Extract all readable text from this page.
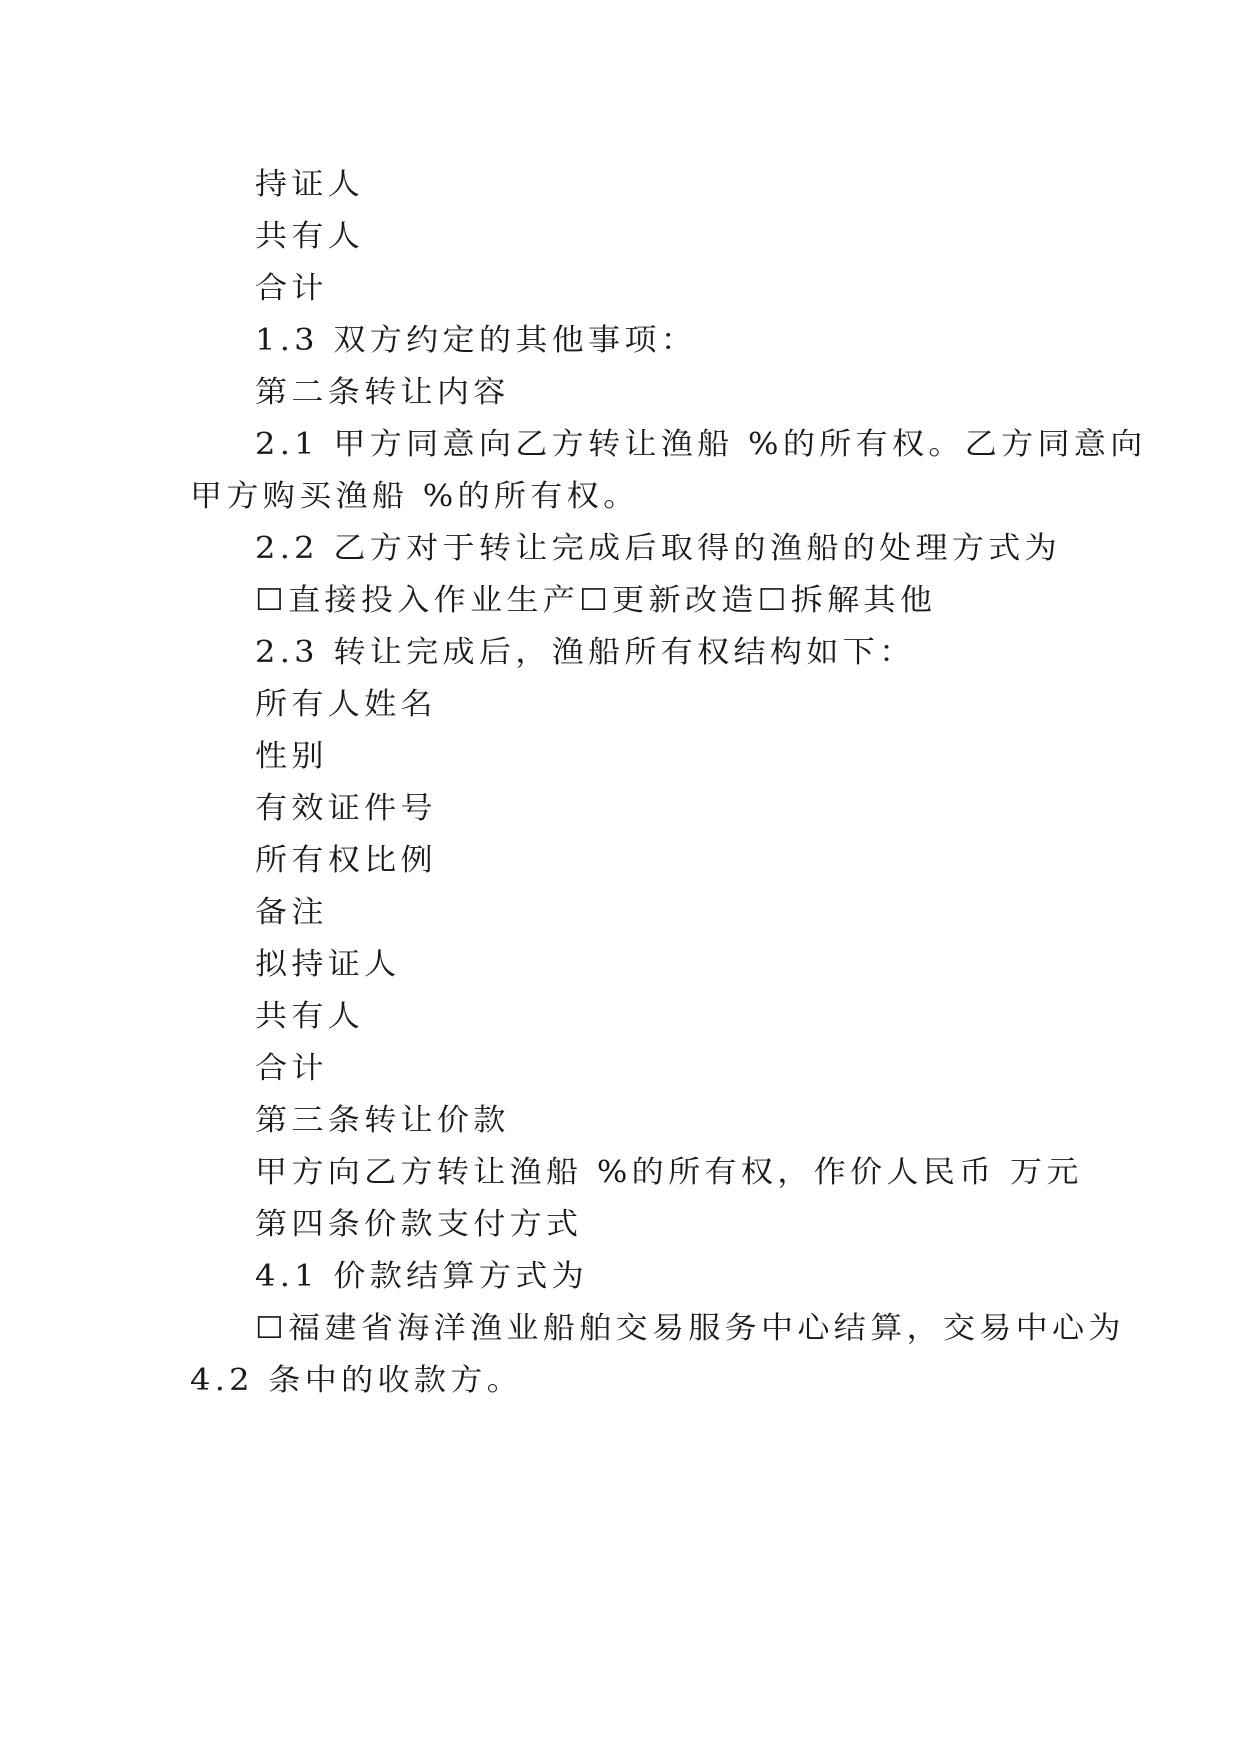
持证人
共有人
合计
1.3 双方约定的其他事项：
第二条转让内容
2.1 甲方同意向乙方转让渔船 %的所有权。乙方同意向
甲方购买渔船 %的所有权。
2.2 乙方对于转让完成后取得的渔船的处理方式为
☐直接投入作业生产☐更新改造☐拆解其他
2.3 转让完成后，渔船所有权结构如下：
所有人姓名
性别
有效证件号
所有权比例
备注
拟持证人
共有人
合计
第三条转让价款
甲方向乙方转让渔船 %的所有权，作价人民币 万元
第四条价款支付方式
4.1 价款结算方式为
☐福建省海洋渔业船舶交易服务中心结算，交易中心为
4.2 条中的收款方。
